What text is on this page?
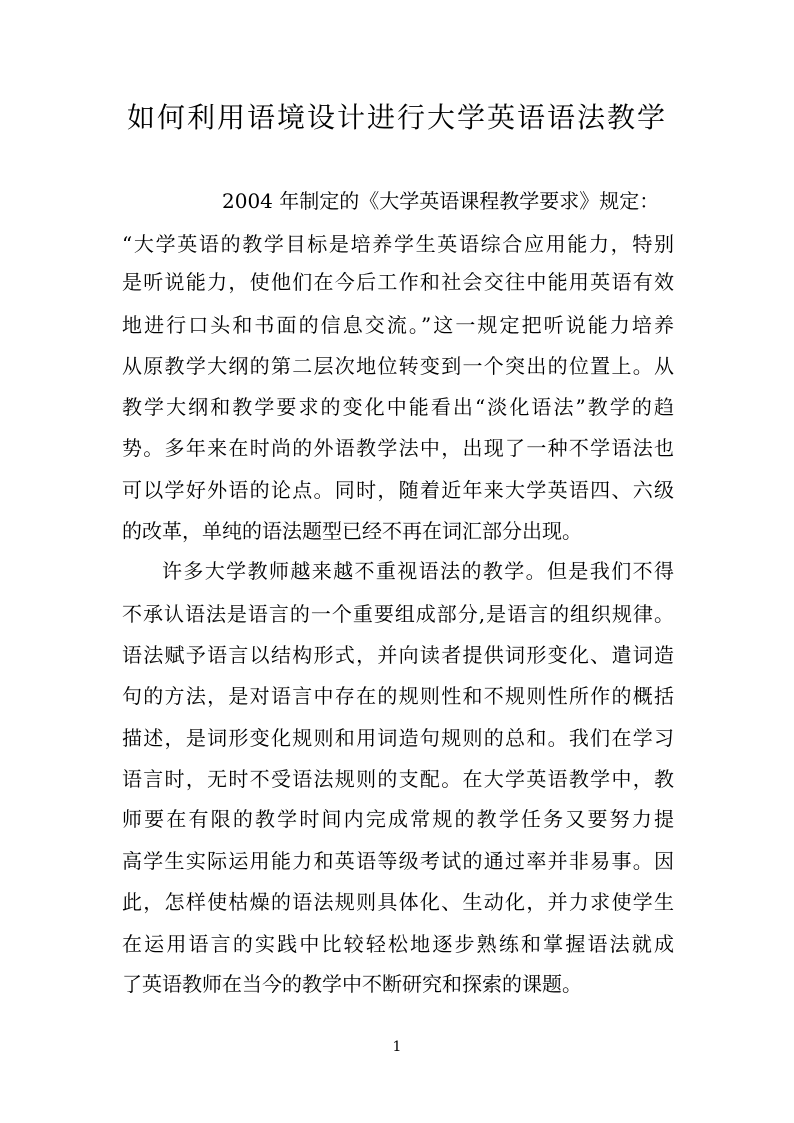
如何利用语境设计进行大学英语语法教学
2004 年制定的《大学英语课程教学要求》规定：
“大学英语的教学目标是培养学生英语综合应用能力，特别
是听说能力，使他们在今后工作和社会交往中能用英语有效
地进行口头和书面的信息交流。”这一规定把听说能力培养
从原教学大纲的第二层次地位转变到一个突出的位置上。从
教学大纲和教学要求的变化中能看出“淡化语法”教学的趋
势。多年来在时尚的外语教学法中，出现了一种不学语法也
可以学好外语的论点。同时，随着近年来大学英语四、六级
的改革，单纯的语法题型已经不再在词汇部分出现。
许多大学教师越来越不重视语法的教学。但是我们不得
不承认语法是语言的一个重要组成部分,是语言的组织规律。
语法赋予语言以结构形式，并向读者提供词形变化、遣词造
句的方法，是对语言中存在的规则性和不规则性所作的概括
描述，是词形变化规则和用词造句规则的总和。我们在学习
语言时，无时不受语法规则的支配。在大学英语教学中，教
师要在有限的教学时间内完成常规的教学任务又要努力提
高学生实际运用能力和英语等级考试的通过率并非易事。因
此，怎样使枯燥的语法规则具体化、生动化，并力求使学生
在运用语言的实践中比较轻松地逐步熟练和掌握语法就成
了英语教师在当今的教学中不断研究和探索的课题。
1
